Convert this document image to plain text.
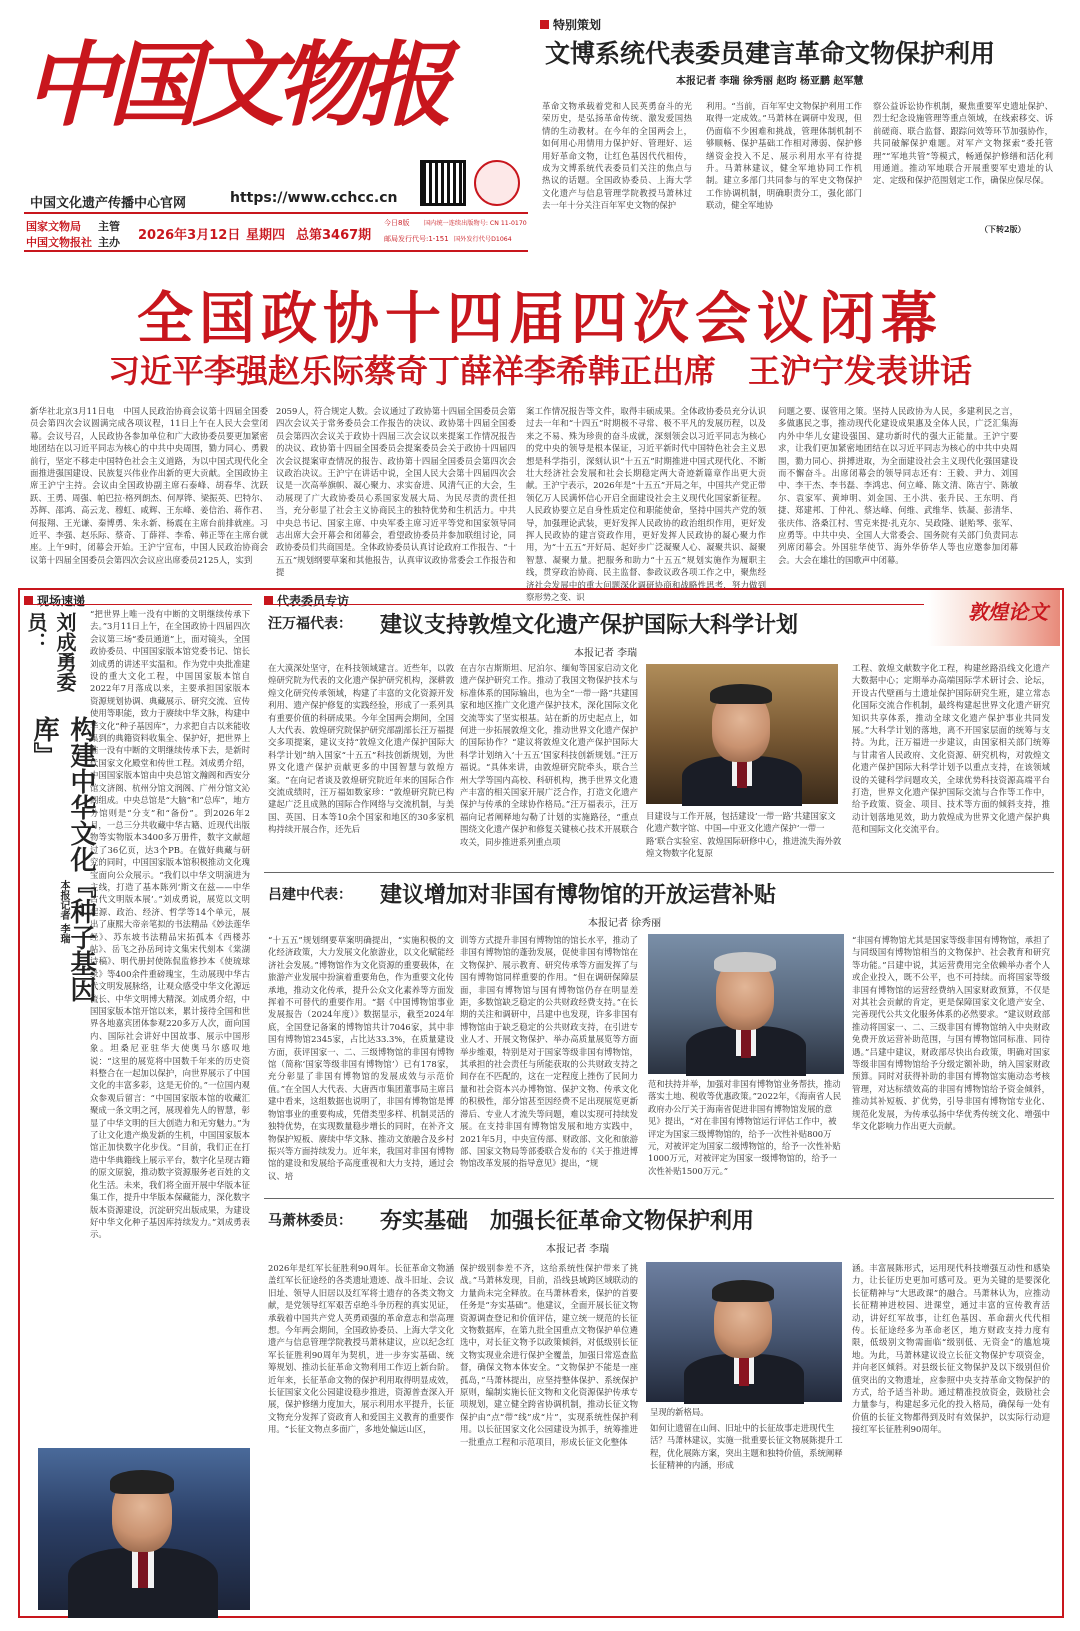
中国文物报
中国文化遗产传播中心官网	https://www.cchcc.cn
国家文物局
中国文物报社
主管
主办 2026年3月12日 星期四 总第3467期
今日8版
邮局发行代号:1-151
国内统一连续出版物号: CN 11-0170
国外发行代号D1064
特别策划
文博系统代表委员建言革命文物保护利用
本报记者 李瑞 徐秀丽 赵昀 杨亚鹏 赵军慧
革命文物承载着党和人民英勇奋斗的光荣历史，是弘扬革命传统、激发爱国热情的生动教材。在今年的全国两会上，如何用心用情用力保护好、管理好、运用好革命文物，让红色基因代代相传，成为文博系统代表委员们关注的焦点与热议的话题。全国政协委员、上海大学文化遗产与信息管理学院教授马萧林过去一年十分关注百年军史文物的保护
利用。“当前，百年军史文物保护利用工作取得一定成效。”马萧林在调研中发现，但仍面临不少困难和挑战，管理体制机制不够顺畅、保护基础工作相对薄弱、保护修缮资金投入不足、展示利用水平有待提升。马萧林建议，健全军地协同工作机制。建立多部门共同参与的军史文物保护工作协调机制，明确职责分工，强化部门联动，健全军地协
察公益诉讼协作机制，聚焦重要军史遗址保护、烈士纪念设施管理等重点领域，在线索移交、诉前磋商、联合监督、跟踪问效等环节加强协作，共同破解保护难题。对军产文物探索“委托管理”“军地共管”等模式，畅通保护修缮和活化利用通道。推动军地联合开展重要军史遗址的认定、定级和保护范围划定工作，确保应保尽保。
（下转2版）
全国政协十四届四次会议闭幕
习近平李强赵乐际蔡奇丁薛祥李希韩正出席　王沪宁发表讲话
新华社北京3月11日电　中国人民政治协商会议第十四届全国委员会第四次会议圆满完成各项议程，11日上午在人民大会堂闭幕。会议号召，人民政协各参加单位和广大政协委员要更加紧密地团结在以习近平同志为核心的中共中央周围，勠力同心、勇毅前行，坚定不移走中国特色社会主义道路，为以中国式现代化全面推进强国建设、民族复兴伟业作出新的更大贡献。全国政协主席王沪宁主持。会议由全国政协副主席石泰峰、胡春华、沈跃跃、王勇、周强、帕巴拉·格列朗杰、何厚铧、梁振英、巴特尔、苏辉、邵鸿、高云龙、穆虹、咸辉、王东峰、姜信治、蒋作君、何报翔、王光谦、秦博勇、朱永新、杨震在主席台前排就座。习近平、李强、赵乐际、蔡奇、丁薛祥、李希、韩正等在主席台就座。上午9时，闭幕会开始。王沪宁宣布，中国人民政治协商会议第十四届全国委员会第四次会议应出席委员2125人，实到
2059人，符合规定人数。会议通过了政协第十四届全国委员会第四次会议关于常务委员会工作报告的决议、政协第十四届全国委员会第四次会议关于政协十四届三次会议以来提案工作情况报告的决议、政协第十四届全国委员会提案委员会关于政协十四届四次会议提案审查情况的报告、政协第十四届全国委员会第四次会议政治决议。王沪宁在讲话中说，全国人民大会第十四届四次会议是一次高举旗帜、凝心聚力、求实奋进、风清气正的大会，生动展现了广大政协委员心系国家发展大局、为民尽责的责任担当，充分彰显了社会主义协商民主的独特优势和生机活力。中共中央总书记、国家主席、中央军委主席习近平等党和国家领导同志出席大会开幕会和闭幕会，看望政协委员并参加联组讨论，同政协委员们共商国是。全体政协委员认真讨论政府工作报告、“十五五”规划纲要草案和其他报告，认真审议政协常委会工作报告和提
案工作情况报告等文件，取得丰硕成果。全体政协委员充分认识过去一年和“十四五”时期极不寻常、极不平凡的发展历程，以及来之不易、殊为珍贵的奋斗成就，深刻领会以习近平同志为核心的党中央的领导是根本保证，习近平新时代中国特色社会主义思想是科学指引，深刻认识“十五五”时期推进中国式现代化、不断壮大经济社会发展和社会长期稳定两大奇迹新篇章作出更大贡献。王沪宁表示，2026年是“十五五”开局之年，中国共产党正带领亿万人民满怀信心开启全面建设社会主义现代化国家新征程。人民政协要立足自身性质定位和职能使命，坚持中国共产党的领导，加强理论武装，更好发挥人民政协的政治组织作用，更好发挥人民政协的建言资政作用，更好发挥人民政协的凝心聚力作用，为“十五五”开好局、起好步广泛凝聚人心、凝聚共识、凝聚智慧、凝聚力量。把服务和助力“十五五”规划实施作为履职主线，贯穿政治协商、民主监督、参政议政各项工作之中，聚焦经济社会发展中的重大问题深化调研协商和战略性思考，努力做到察形势之变、识
问题之要、谋管用之策。坚持人民政协为人民，多建利民之言，多做惠民之事，推动现代化建设成果惠及全体人民，广泛汇集海内外中华儿女建设强国、建功新时代的强大正能量。王沪宁要求，让我们更加紧密地团结在以习近平同志为核心的中共中央周围，勠力同心、拼搏进取，为全面建设社会主义现代化强国建设而不懈奋斗。出席闭幕会的领导同志还有：王毅、尹力、刘国中、李干杰、李书磊、李鸿忠、何立峰、陈文清、陈吉宁、陈敏尔、袁家军、黄坤明、刘金国、王小洪、张升民、王东明、肖捷、郑建邦、丁仲礼、蔡达峰、何维、武维华、铁凝、彭清华、张庆伟、洛桑江村、雪克来提·扎克尔、吴政隆、谌贻琴、张军、应勇等。中共中央、全国人大常委会、国务院有关部门负责同志列席闭幕会。外国驻华使节、海外华侨华人等也应邀参加闭幕会。大会在雄壮的国歌声中闭幕。
现场速递
刘成勇委员：
构建中华文化『种子基因库』
本报记者 李瑞
“把世界上唯一没有中断的文明继续传承下去。”3月11日上午，在全国政协十四届四次会议第三场“委员通道”上，面对镜头，全国政协委员、中国国家版本馆党委书记、馆长刘成勇的讲述平实温和。作为党中央批准建设的重大文化工程，中国国家版本馆自2022年7月落成以来，主要承担国家版本资源规划协调、典藏展示、研究交流、宣传使用等职能，致力于赓续中华文脉，构建中华文化“种子基因库”，力求把自古以来能收集到的典籍资料收集全、保护好，把世界上唯一没有中断的文明继续传承下去，是新时代国家文化殿堂和传世工程。刘成勇介绍，中国国家版本馆由中央总馆文瀚阁和西安分馆文济阁、杭州分馆文润阁、广州分馆文沁阁组成。中央总馆是“大脑”和“总库”，地方分馆则是“分支”和“备份”。到2026年2月，一总三分共收藏中华古籍、近现代出版物等实物版本3400多万册件，数字文献超过了36亿页，达3个PB。在做好典藏与研究的同时，中国国家版本馆积极推动文化瑰宝面向公众展示。“我们以中华文明演进为主线，打造了基本陈列‘斯文在兹——中华古代文明版本展’。”刘成勇说，展览以文明起源、政治、经济、哲学等14个单元，展出了康熙大帝亲笔拟的书法精品《妙法莲华经》、苏东坡书法精品宋拓孤本《西楼苏帖》、岳飞之孙岳珂诗文集宋代刻本《棠湖诗稿》、明代册封使陈侃监修抄本《使琉球录》等400余件重磅瑰宝，生动展现中华古代文明发展脉络，让观众感受中华文化源远流长、中华文明博大精深。刘成勇介绍，中国国家版本馆开馆以来，累计接待全国和世界各地嘉宾团体参观220多万人次，面向国内、国际社会讲好中国故事、展示中国形象。坦桑尼亚驻华大使奥马尔感叹地说：“这里的展览将中国数千年来的历史资料整合在一起加以保护，向世界展示了中国文化的丰富多彩，这是无价的。”一位国内观众参观后留言：“中国国家版本馆的收藏汇聚成一条文明之河，展现着先人的智慧，彰显了中华文明的巨大创造力和无穷魅力。”为了让文化遗产焕发新的生机，中国国家版本馆正加快数字化步伐。“目前，我们正在打造中华典籍线上展示平台，数字化呈现古籍的原文原貌，推动数字资源服务老百姓的文化生活。未来，我们将全面开展中华版本征集工作，提升中华版本保藏能力，深化数字版本资源建设，沉淀研究出版成果，为建设好中华文化种子基因库持续发力。”刘成勇表示。
代表委员专访	敦煌论文
汪万福代表： 建议支持敦煌文化遗产保护国际大科学计划
本报记者 李瑞
在大漠深处坚守，在科技领域建言。近些年，以敦煌研究院为代表的文化遗产保护研究机构，深耕敦煌文化研究传承领域，构建了丰富的文化资源开发利用、遗产保护修复的实践经验，形成了一系列具有重要价值的科研成果。今年全国两会期间，全国人大代表、敦煌研究院保护研究部副部长汪万福提交多项提案，建议支持“敦煌文化遗产保护国际大科学计划”纳入国家“十五五”科技创新规划，为世界文化遗产保护贡献更多的中国智慧与敦煌方案。“在向记者谈及敦煌研究院近年来的国际合作交流成绩时，汪万福如数家珍：“敦煌研究院已构建起广泛且成熟的国际合作网络与交流机制，与美国、英国、日本等10余个国家和地区的30多家机构持续开展合作，还先后
在吉尔吉斯斯坦、尼泊尔、缅甸等国家启动文化遗产保护研究工作。推动了我国文物保护技术与标准体系的国际输出，也为全“一带一路”共建国家和地区推广文化遗产保护技术，深化国际文化交流等实了坚实根基。站在新的历史起点上，如何进一步拓展敦煌文化，推动世界文化遗产保护的国际协作？“建议将敦煌文化遗产保护国际大科学计划纳入‘十五五’国家科技创新规划。”汪万福说。“具体来讲，由敦煌研究院牵头，联合兰州大学等国内高校、科研机构，携手世界文化遗产丰富的相关国家开展广泛合作，打造文化遗产保护与传承的全球协作格局。”汪万福表示，汪万福向记者阐释地勾勒了计划的实施路径，“重点围绕文化遗产保护和修复关键核心技术开展联合攻关，同步推进系列重点项
目建设与工作开展，包括建设‘一带一路’共建国家文化遗产数字馆、中国—中亚文化遗产保护‘一带一路’联合实验室、敦煌国际研修中心，推进流失海外敦煌文物数字化复原
工程、敦煌文献数字化工程，构建丝路沿线文化遗产大数据中心；定期举办高端国际学术研讨会、论坛，开设古代壁画与土遗址保护国际研究生班，建立常态化国际交流合作机制，最终构建起世界文化遗产研究知识共享体系，推动全球文化遗产保护事业共同发展。”大科学计划的落地，离不开国家层面的统筹与支持。为此，汪万福进一步建议，由国家相关部门统筹与甘肃省人民政府、文化资源、研究机构，对敦煌文化遗产保护国际大科学计划予以重点支持，在该领域设的关键科学问题攻关，全球优势科技资源高端平台打造，世界文化遗产保护国际交流与合作等工作中，给予政策、资金、项目、技术等方面的倾斜支持，推动计划落地见效，助力敦煌成为世界文化遗产保护典范和国际文化交流平台。
吕建中代表： 建议增加对非国有博物馆的开放运营补贴
本报记者 徐秀丽
“十五五”规划纲要草案明确提出，“实施积极的文化经济政策，大力发展文化旅游业，以文化赋能经济社会发展。”博物馆作为文化资源的重要载体，在旅游产业发展中扮演着重要角色，作为重要文化传承地，推动文化传承，提升公众文化素养等方面发挥着不可替代的重要作用。“据《中国博物馆事业发展报告（2024年度）》数据显示，截至2024年底，全国登记备案的博物馆共计7046家，其中非国有博物馆2345家，占比达33.3%，在质量建设方面，获评国家一、二、三级博物馆的非国有博物馆（简称‘国家等级非国有博物馆’）已有178家，充分彰显了非国有博物馆的发展成效与示范价值。”在全国人大代表、大唐西市集团董事局主席吕建中看来，这组数据也说明了，非国有博物馆是博物馆事业的重要构成，凭借类型多样、机制灵活的独特优势，在实现数量稳步增长的同时，在补齐文物保护短板、赓续中华文脉、推动文旅融合及乡村振兴等方面持续发力。近年来，我国对非国有博物馆的建设和发展给予高度重视和大力支持，通过会议、培
训等方式提升非国有博物馆的馆长水平，推动了非国有博物馆的蓬勃发展，促使非国有博物馆在文物保护、展示教育、研究传承等方面发挥了与国有博物馆同样重要的作用。“但在调研保障层面，非国有博物馆与国有博物馆仍存在明显差距，多数馆缺乏稳定的公共财政经费支持。”在长期的关注和调研中，吕建中也发现，许多非国有博物馆由于缺乏稳定的公共财政支持，在引进专业人才、开展文物保护、举办高质量展览等方面举步维艰，特别是对于国家等级非国有博物馆，其承担的社会责任与所能获取的公共财政支持之间存在不匹配的，这在一定程度上挫伤了民间力量和社会资本兴办博物馆、保护文物、传承文化的积极性，部分馆甚至因经费不足出现展览更新滞后、专业人才流失等问题，难以实现可持续发展。在支持非国有博物馆发展和地方实践中，2021年5月，中央宣传部、财政部、文化和旅游部、国家文物局等部委联合发布的《关于推进博物馆改革发展的指导意见》提出，“规
范和扶持并举，加强对非国有博物馆业务帮扶，推动落实土地、税收等优惠政策。”2022年，《海南省人民政府办公厅关于海南省促进非国有博物馆发展的意见》提出，“对在非国有博物馆运行评估工作中，被评定为国家三级博物馆的，给予一次性补贴800万元，对被评定为国家二级博物馆的，给予一次性补贴1000万元，对被评定为国家一级博物馆的，给予一次性补贴1500万元。”
“非国有博物馆尤其是国家等级非国有博物馆，承担了与同级国有博物馆相当的文物保护、社会教育和研究等功能。”吕建中说，其运营费用完全依赖举办者个人或企业投入，既不公平，也不可持续。而将国家等级非国有博物馆的运营经费纳入国家财政预算，不仅是对其社会贡献的肯定，更是保障国家文化遗产安全、完善现代公共文化服务体系的必然要求。“建议财政部推动将国家一、二、三级非国有博物馆纳入中央财政免费开放运营补助范围，与国有博物馆同标准、同待遇。”吕建中建议，财政部尽快出台政策，明确对国家等级非国有博物馆给予分级定额补助，纳入国家财政预算。同时对获得补助的非国有博物馆实施动态考核管理，对达标绩效高的非国有博物馆给予资金倾斜，推动其补短板、扩优势，引导非国有博物馆专业化、规范化发展，为传承弘扬中华优秀传统文化、增强中华文化影响力作出更大贡献。
马萧林委员： 夯实基础　加强长征革命文物保护利用
本报记者 李瑞
2026年是红军长征胜利90周年。长征革命文物涵盖红军长征途经的各类遗址遗迹、战斗旧址、会议旧址、领导人旧居以及红军将士遗存的各类文物文献，是党领导红军艰苦卓绝斗争历程的真实见证，承载着中国共产党人英勇顽强的革命意志和崇高理想。今年两会期间，全国政协委员、上海大学文化遗产与信息管理学院教授马萧林建议，应以纪念红军长征胜利90周年为契机，进一步夯实基础、统筹规划、推动长征革命文物利用工作迈上新台阶。近年来，长征革命文物的保护利用取得明显成效，长征国家文化公园建设稳步推进，资源普查深入开展，保护修缮力度加大，展示利用水平提升，长征文物充分发挥了资政育人和爱国主义教育的重要作用。“长征文物点多面广，多地处偏远山区，
保护级别参差不齐，这给系统性保护带来了挑战。”马萧林发现，目前，沿线县域跨区域联动的力量尚未完全释放。在马萧林看来，保护的首要任务是“夯实基础”。他建议，全面开展长征文物资源调查登记和价值评估，建立统一规范的长征文物数据库，在第九批全国重点文物保护单位遴选中，对长征文物予以政策倾斜，对低级别长征文物实现业余进行保护全覆盖，加强日常巡查监督，确保文物本体安全。“文物保护不能是一座孤岛，”马萧林提出，应坚持整体保护、系统保护原则，编制实施长征文物和文化资源保护传承专项规划，建立健全跨省协调机制，推动长征文物保护由“点”带“线”成“片”，实现系统性保护利用。以长征国家文化公园建设为抓手，统筹推进一批重点工程和示范项目，形成长征文化整体
呈现的新格局。
如何让遗留在山间、旧址中的长征故事走进现代生活？马萧林建议，实施一批重要长征文物展陈提升工程，优化展陈方案，突出主题和独特价值，系统阐释长征精神的内涵，形成
涵。丰富展陈形式，运用现代科技增强互动性和感染力，让长征历史更加可感可及。更为关键的是要深化长征精神与“大思政课”的融合。马萧林认为，应推动长征精神进校园、进课堂，通过丰富的宣传教育活动，讲好红军故事，让红色基因、革命薪火代代相传。长征途经多为革命老区，地方财政支持力度有限，低级别文物需面临“级别低、无资金”的尴尬境地。为此，马萧林建议设立长征文物保护专项资金，并向老区倾斜。对县级长征文物保护及以下级别但价值突出的文物遗址，应参照中央支持革命文物保护的方式，给予适当补助。通过精准投放资金，鼓励社会力量参与，构建起多元化的投入格局，确保每一处有价值的长征文物都得到及时有效保护，以实际行动迎接红军长征胜利90周年。
